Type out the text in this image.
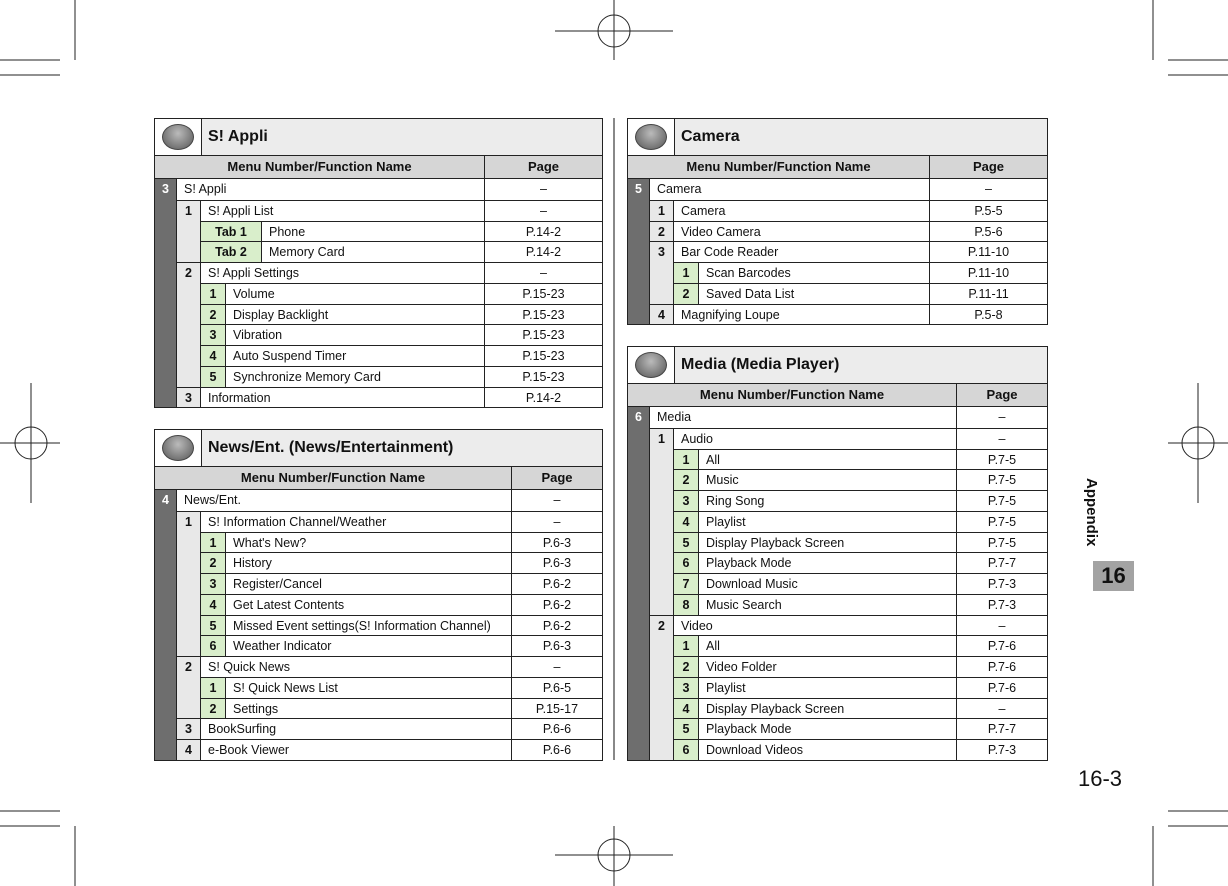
S! Appli
Menu Number/Function Name	Page
3	S! Appli	–
1	S! Appli List	–
Tab 1	Phone	P.14-2
Tab 2	Memory Card	P.14-2
2	S! Appli Settings	–
1	Volume	P.15-23
2	Display Backlight	P.15-23
3	Vibration	P.15-23
4	Auto Suspend Timer	P.15-23
5	Synchronize Memory Card	P.15-23
3	Information	P.14-2
News/Ent. (News/Entertainment)
Menu Number/Function Name	Page
4	News/Ent.	–
1	S! Information Channel/Weather	–
1	What's New?	P.6-3
2	History	P.6-3
3	Register/Cancel	P.6-2
4	Get Latest Contents	P.6-2
5	Missed Event settings(S! Information Channel)	P.6-2
6	Weather Indicator	P.6-3
2	S! Quick News	–
1	S! Quick News List	P.6-5
2	Settings	P.15-17
3	BookSurfing	P.6-6
4	e-Book Viewer	P.6-6
Camera
Menu Number/Function Name	Page
5	Camera	–
1	Camera	P.5-5
2	Video Camera	P.5-6
3	Bar Code Reader	P.11-10
1	Scan Barcodes	P.11-10
2	Saved Data List	P.11-11
4	Magnifying Loupe	P.5-8
Media (Media Player)
Menu Number/Function Name	Page
6	Media	–
1	Audio	–
1	All	P.7-5
2	Music	P.7-5
3	Ring Song	P.7-5
4	Playlist	P.7-5
5	Display Playback Screen	P.7-5
6	Playback Mode	P.7-7
7	Download Music	P.7-3
8	Music Search	P.7-3
2	Video	–
1	All	P.7-6
2	Video Folder	P.7-6
3	Playlist	P.7-6
4	Display Playback Screen	–
5	Playback Mode	P.7-7
6	Download Videos	P.7-3
Appendix
16
16-3
